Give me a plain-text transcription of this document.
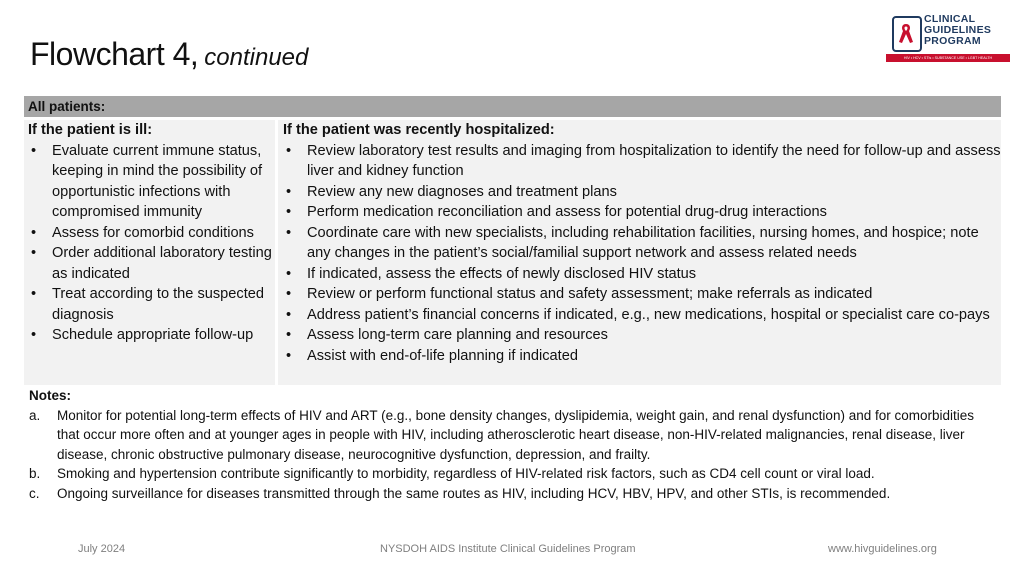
Flowchart 4, continued
CLINICAL
GUIDELINES
PROGRAM
HIV • HCV • STIs • SUBSTANCE USE • LGBT HEALTH
All patients:
If the patient is ill:
• Evaluate current immune status, keeping in mind the possibility of opportunistic infections with compromised immunity
• Assess for comorbid conditions
• Order additional laboratory testing as indicated
• Treat according to the suspected diagnosis
• Schedule appropriate follow-up
If the patient was recently hospitalized:
• Review laboratory test results and imaging from hospitalization to identify the need for follow-up and assess liver and kidney function
• Review any new diagnoses and treatment plans
• Perform medication reconciliation and assess for potential drug-drug interactions
• Coordinate care with new specialists, including rehabilitation facilities, nursing homes, and hospice; note any changes in the patient’s social/familial support network and assess related needs
• If indicated, assess the effects of newly disclosed HIV status
• Review or perform functional status and safety assessment; make referrals as indicated
• Address patient’s financial concerns if indicated, e.g., new medications, hospital or specialist care co-pays
• Assess long-term care planning and resources
• Assist with end-of-life planning if indicated
Notes:
a. Monitor for potential long-term effects of HIV and ART (e.g., bone density changes, dyslipidemia, weight gain, and renal dysfunction) and for comorbidities that occur more often and at younger ages in people with HIV, including atherosclerotic heart disease, non-HIV-related malignancies, renal disease, liver disease, chronic obstructive pulmonary disease, neurocognitive dysfunction, depression, and frailty.
b. Smoking and hypertension contribute significantly to morbidity, regardless of HIV-related risk factors, such as CD4 cell count or viral load.
c. Ongoing surveillance for diseases transmitted through the same routes as HIV, including HCV, HBV, HPV, and other STIs, is recommended.
July 2024	NYSDOH AIDS Institute Clinical Guidelines Program	www.hivguidelines.org
